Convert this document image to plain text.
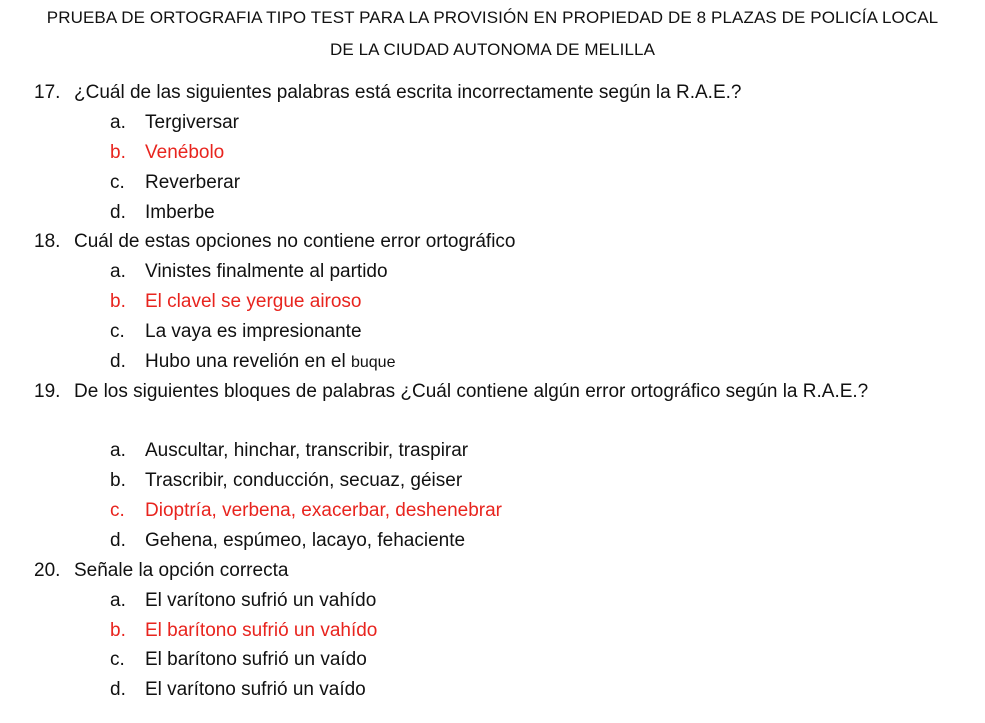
PRUEBA DE ORTOGRAFIA TIPO TEST PARA LA PROVISIÓN EN PROPIEDAD DE 8 PLAZAS DE POLICÍA LOCAL
DE LA CIUDAD AUTONOMA DE MELILLA
17. ¿Cuál de las siguientes palabras está escrita incorrectamente según la R.A.E.?
a. Tergiversar
b. Venébolo
c. Reverberar
d. Imberbe
18. Cuál de estas opciones no contiene error ortográfico
a. Vinistes finalmente al partido
b. El clavel se yergue airoso
c. La vaya es impresionante
d. Hubo una revelión en el buque
19. De los siguientes bloques de palabras ¿Cuál contiene algún error ortográfico según la R.A.E.?
a. Auscultar, hinchar, transcribir, traspirar
b. Trascribir, conducción, secuaz, géiser
c. Dioptría, verbena, exacerbar, deshenebrar
d. Gehena, espúmeo, lacayo, fehaciente
20. Señale la opción correcta
a. El varítono sufrió un vahído
b. El barítono sufrió un vahído
c. El barítono sufrió un vaído
d. El varítono sufrió un vaído
